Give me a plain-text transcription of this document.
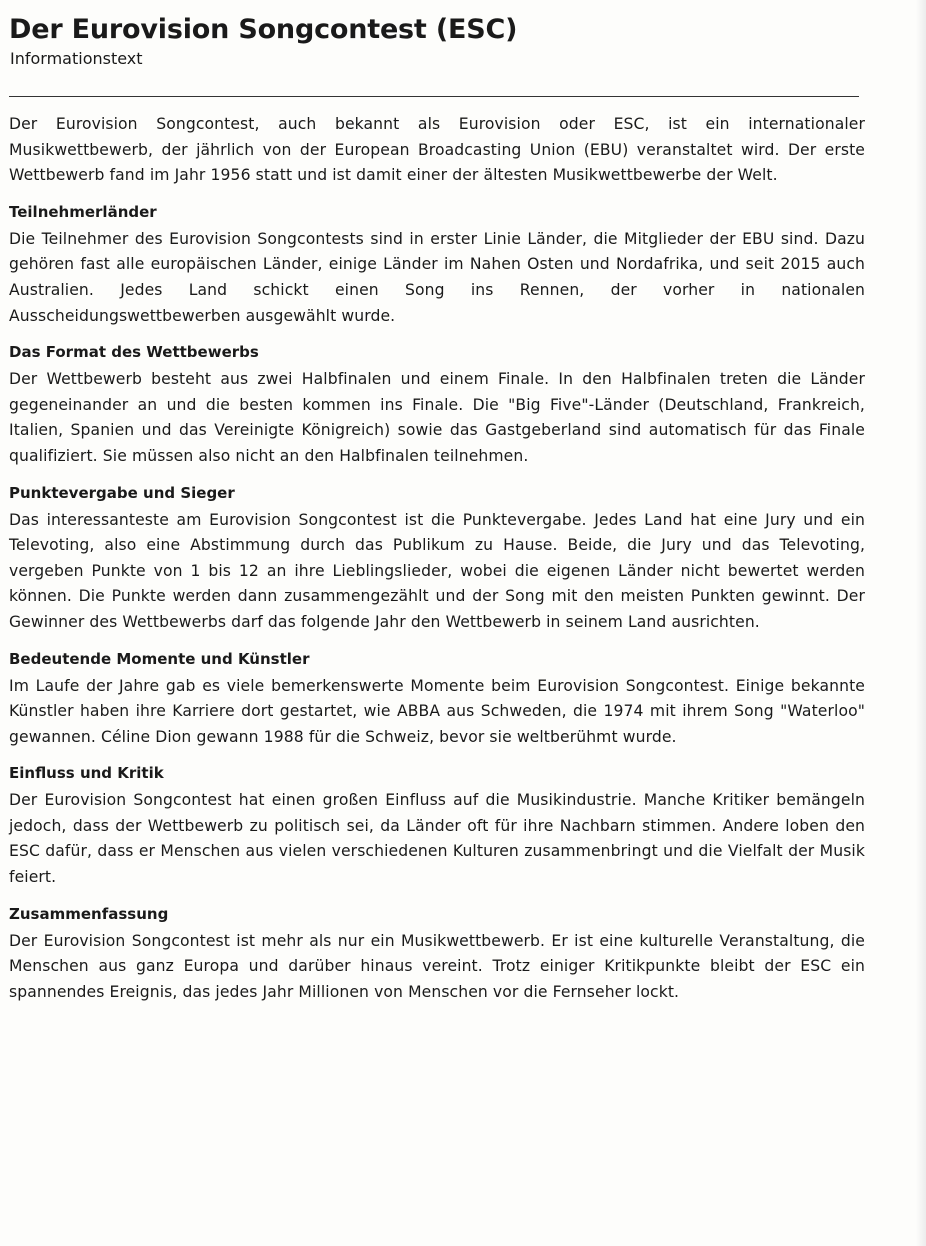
Der Eurovision Songcontest (ESC)
Informationstext

Der Eurovision Songcontest, auch bekannt als Eurovision oder ESC, ist ein internationaler Musikwettbewerb, der jährlich von der European Broadcasting Union (EBU) veranstaltet wird. Der erste Wettbewerb fand im Jahr 1956 statt und ist damit einer der ältesten Musikwettbewerbe der Welt.

Teilnehmerländer

Die Teilnehmer des Eurovision Songcontests sind in erster Linie Länder, die Mitglieder der EBU sind. Dazu gehören fast alle europäischen Länder, einige Länder im Nahen Osten und Nordafrika, und seit 2015 auch Australien. Jedes Land schickt einen Song ins Rennen, der vorher in nationalen Ausscheidungswettbewerben ausgewählt wurde.

Das Format des Wettbewerbs

Der Wettbewerb besteht aus zwei Halbfinalen und einem Finale. In den Halbfinalen treten die Länder gegeneinander an und die besten kommen ins Finale. Die "Big Five"-Länder (Deutschland, Frankreich, Italien, Spanien und das Vereinigte Königreich) sowie das Gastgeberland sind automatisch für das Finale qualifiziert. Sie müssen also nicht an den Halbfinalen teilnehmen.

Punktevergabe und Sieger

Das interessanteste am Eurovision Songcontest ist die Punktevergabe. Jedes Land hat eine Jury und ein Televoting, also eine Abstimmung durch das Publikum zu Hause. Beide, die Jury und das Televoting, vergeben Punkte von 1 bis 12 an ihre Lieblingslieder, wobei die eigenen Länder nicht bewertet werden können. Die Punkte werden dann zusammengezählt und der Song mit den meisten Punkten gewinnt. Der Gewinner des Wettbewerbs darf das folgende Jahr den Wettbewerb in seinem Land ausrichten.

Bedeutende Momente und Künstler

Im Laufe der Jahre gab es viele bemerkenswerte Momente beim Eurovision Songcontest. Einige bekannte Künstler haben ihre Karriere dort gestartet, wie ABBA aus Schweden, die 1974 mit ihrem Song "Waterloo" gewannen. Céline Dion gewann 1988 für die Schweiz, bevor sie weltberühmt wurde.

Einfluss und Kritik

Der Eurovision Songcontest hat einen großen Einfluss auf die Musikindustrie. Manche Kritiker bemängeln jedoch, dass der Wettbewerb zu politisch sei, da Länder oft für ihre Nachbarn stimmen. Andere loben den ESC dafür, dass er Menschen aus vielen verschiedenen Kulturen zusammenbringt und die Vielfalt der Musik feiert.

Zusammenfassung

Der Eurovision Songcontest ist mehr als nur ein Musikwettbewerb. Er ist eine kulturelle Veranstaltung, die Menschen aus ganz Europa und darüber hinaus vereint. Trotz einiger Kritikpunkte bleibt der ESC ein spannendes Ereignis, das jedes Jahr Millionen von Menschen vor die Fernseher lockt.
